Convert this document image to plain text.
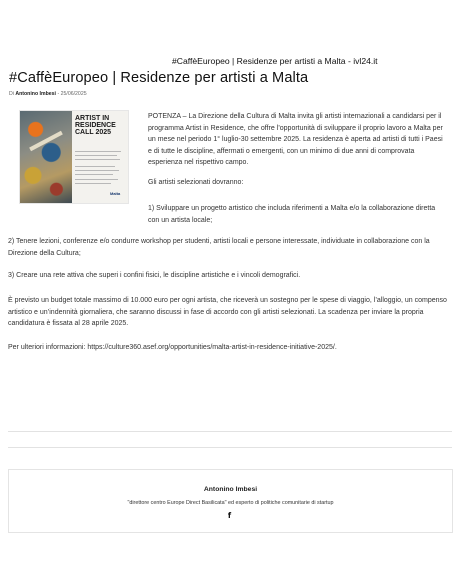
#CaffèEuropeo | Residenze per artisti a Malta - ivl24.it
#CaffèEuropeo | Residenze per artisti a Malta
Di Antonino Imbesi - 25/06/2025
ARTIST IN RESIDENCE CALL 2025
Malta
POTENZA – La Direzione della Cultura di Malta invita gli artisti internazionali a candidarsi per il programma Artist in Residence, che offre l’opportunità di sviluppare il proprio lavoro a Malta per un mese nel periodo 1° luglio-30 settembre 2025. La residenza è aperta ad artisti di tutti i Paesi e di tutte le discipline, affermati o emergenti, con un minimo di due anni di comprovata esperienza nel rispettivo campo.
Gli artisti selezionati dovranno:
1) Sviluppare un progetto artistico che includa riferimenti a Malta e/o la collaborazione diretta con un artista locale;
2) Tenere lezioni, conferenze e/o condurre workshop per studenti, artisti locali e persone interessate, individuate in collaborazione con la Direzione della Cultura;
3) Creare una rete attiva che superi i confini fisici, le discipline artistiche e i vincoli demografici.
È previsto un budget totale massimo di 10.000 euro per ogni artista, che riceverà un sostegno per le spese di viaggio, l’alloggio, un compenso artistico e un’indennità giornaliera, che saranno discussi in fase di accordo con gli artisti selezionati. La scadenza per inviare la propria candidatura è fissata al 28 aprile 2025.
Per ulteriori informazioni: https://culture360.asef.org/opportunities/malta-artist-in-residence-initiative-2025/.
Antonino Imbesi
"direttore centro Europe Direct Basilicata" ed esperto di politiche comunitarie di startup
f
